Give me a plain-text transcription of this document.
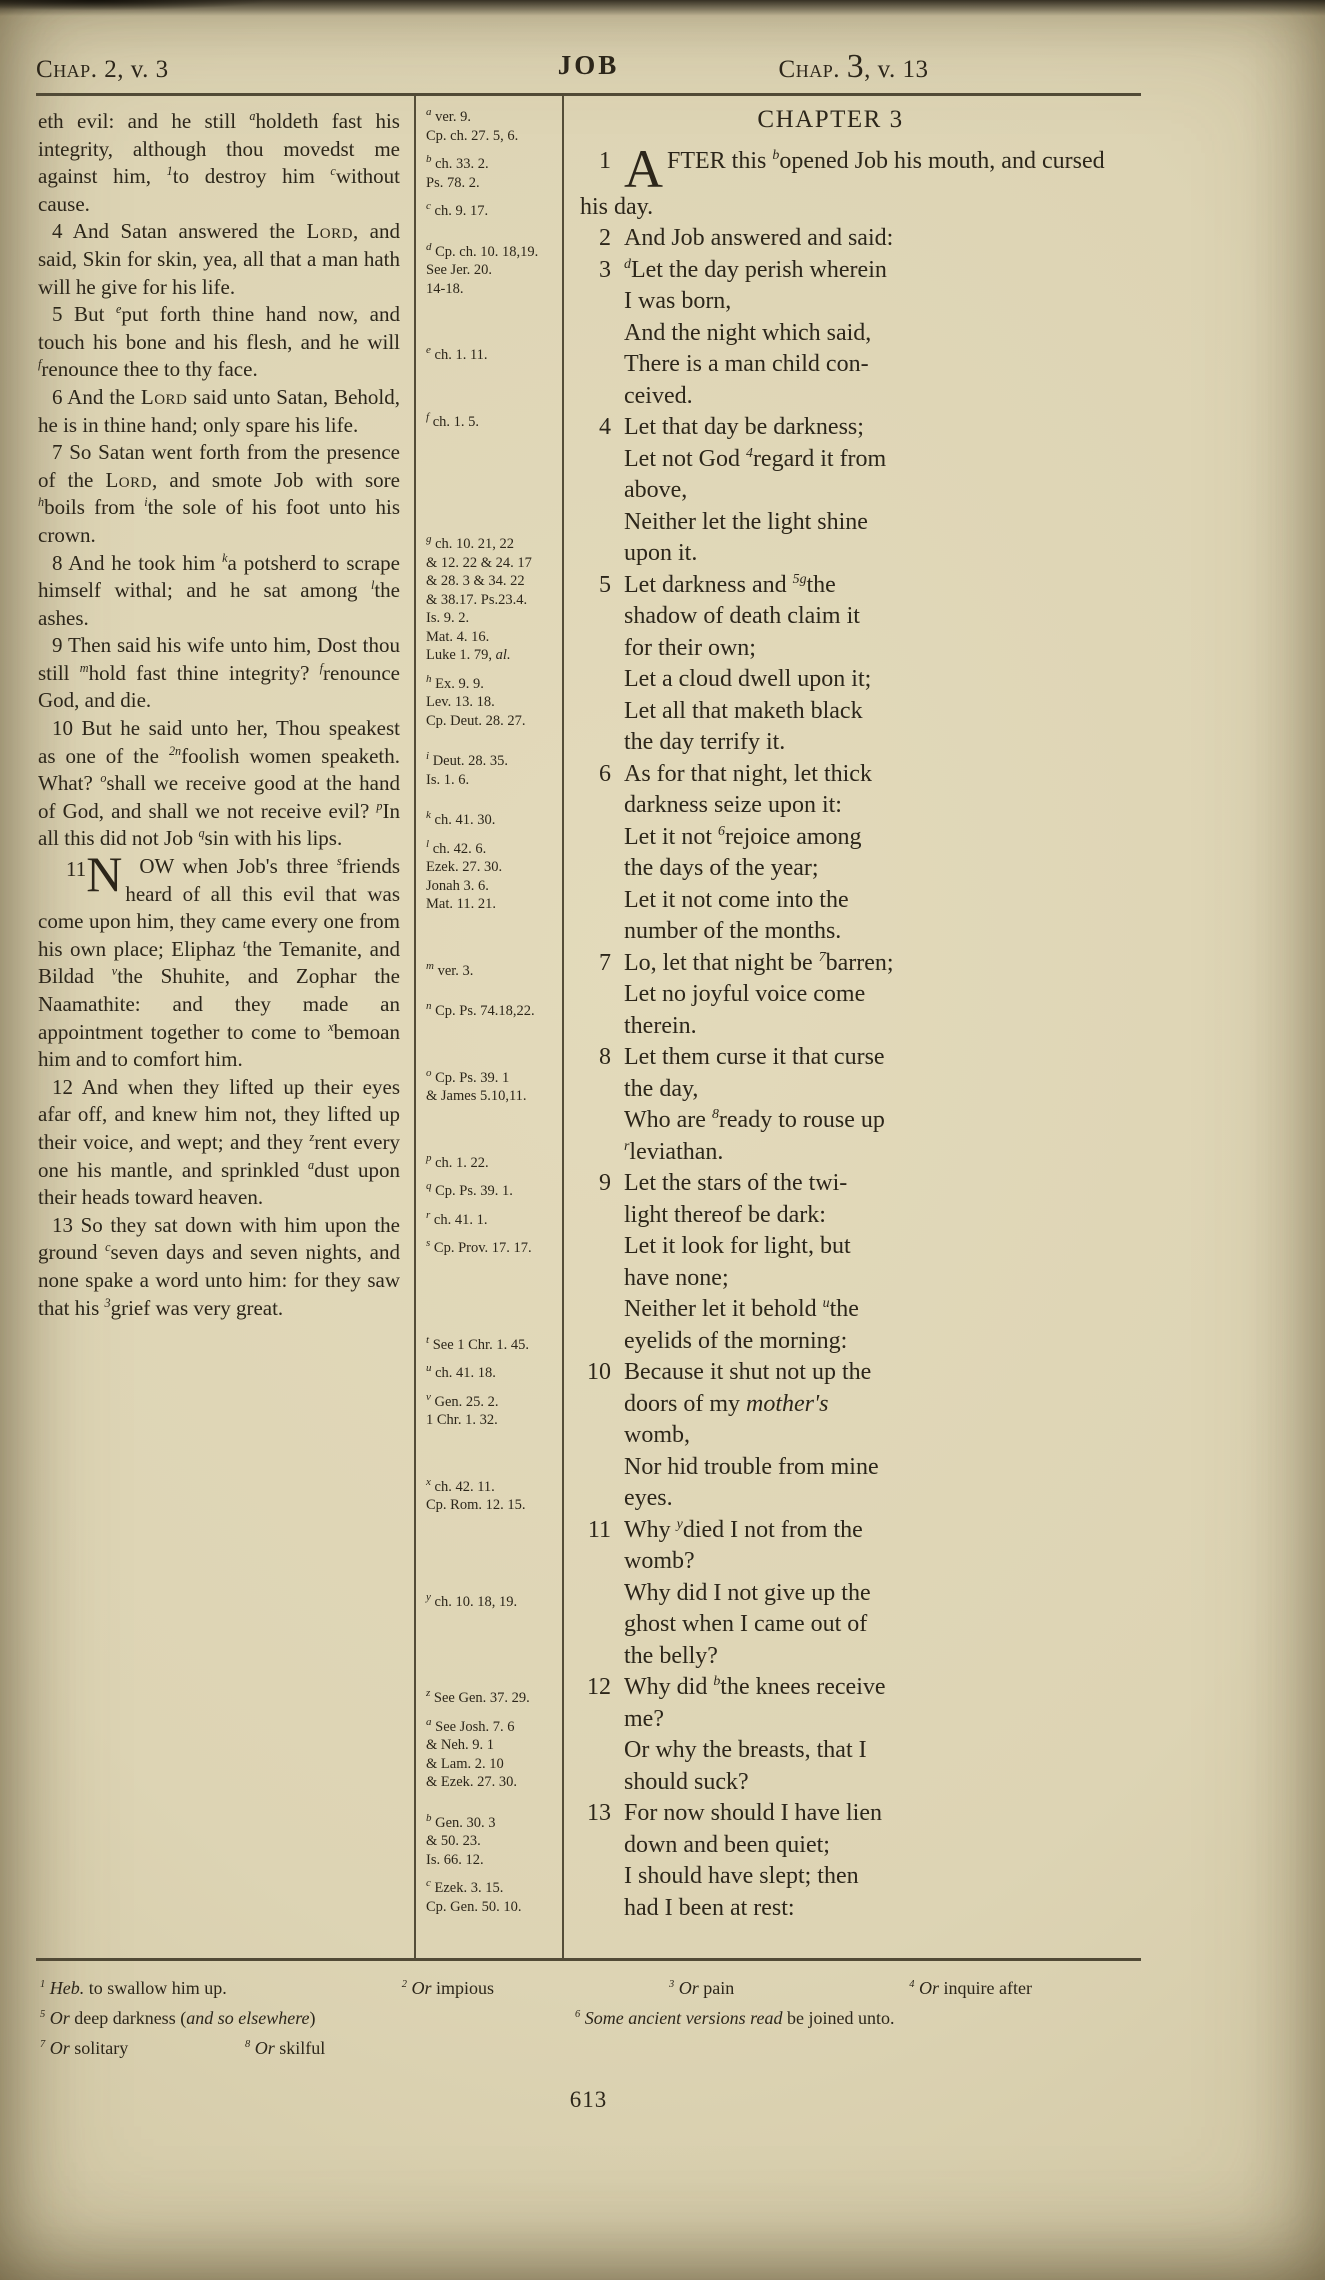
Chap. 2, v. 3	Chap. 3, v. 13
JOB

eth evil: and he still $^a$holdeth fast his integrity, although thou movedst me against him, $^1$to destroy him $^c$without cause.

4 And Satan answered the Lord, and said, Skin for skin, yea, all that a man hath will he give for his life.

5 But $^e$put forth thine hand now, and touch his bone and his flesh, and he will $^f$renounce thee to thy face.

6 And the Lord said unto Satan, Behold, he is in thine hand; only spare his life.

7 So Satan went forth from the presence of the Lord, and smote Job with sore $^h$boils from $^i$the sole of his foot unto his crown.

8 And he took him $^k$a potsherd to scrape himself withal; and he sat among $^l$the ashes.

9 Then said his wife unto him, Dost thou still $^m$hold fast thine integrity? $^f$renounce God, and die.

10 But he said unto her, Thou speakest as one of the $^{2n}$foolish women speaketh. What? $^o$shall we receive good at the hand of God, and shall we not receive evil? $^p$In all this did not Job $^q$sin with his lips.

11N OW when Job's three $^s$friends heard of all this evil that was come upon him, they came every one from his own place; Eliphaz $^t$the Temanite, and Bildad $^v$the Shuhite, and Zophar the Naamathite: and they made an appointment together to come to $^x$bemoan him and to comfort him.

12 And when they lifted up their eyes afar off, and knew him not, they lifted up their voice, and wept; and they $^z$rent every one his mantle, and sprinkled $^a$dust upon their heads toward heaven.

13 So they sat down with him upon the ground $^c$seven days and seven nights, and none spake a word unto him: for they saw that his $^3$grief was very great.

$^a$ ver. 9.
Cp. ch. 27. 5, 6.
$^b$ ch. 33. 2.
Ps. 78. 2.
$^c$ ch. 9. 17.
$^d$ Cp. ch. 10. 18,19.
See Jer. 20.
14-18.
$^e$ ch. 1. 11.
$^f$ ch. 1. 5.
$^g$ ch. 10. 21, 22
& 12. 22 & 24. 17
& 28. 3 & 34. 22
& 38.17. Ps.23.4.
Is. 9. 2.
Mat. 4. 16.
Luke 1. 79, al.
$^h$ Ex. 9. 9.
Lev. 13. 18.
Cp. Deut. 28. 27.
$^i$ Deut. 28. 35.
Is. 1. 6.
$^k$ ch. 41. 30.
$^l$ ch. 42. 6.
Ezek. 27. 30.
Jonah 3. 6.
Mat. 11. 21.
$^m$ ver. 3.
$^n$ Cp. Ps. 74.18,22.
$^o$ Cp. Ps. 39. 1
& James 5.10,11.
$^p$ ch. 1. 22.
$^q$ Cp. Ps. 39. 1.
$^r$ ch. 41. 1.
$^s$ Cp. Prov. 17. 17.
$^t$ See 1 Chr. 1. 45.
$^u$ ch. 41. 18.
$^v$ Gen. 25. 2.
1 Chr. 1. 32.
$^x$ ch. 42. 11.
Cp. Rom. 12. 15.
$^y$ ch. 10. 18, 19.
$^z$ See Gen. 37. 29.
$^a$ See Josh. 7. 6
& Neh. 9. 1
& Lam. 2. 10
& Ezek. 27. 30.
$^b$ Gen. 30. 3
& 50. 23.
Is. 66. 12.
$^c$ Ezek. 3. 15.
Cp. Gen. 50. 10.
CHAPTER 3
1 AFTER this $^b$opened Job his mouth, and cursed
his day.
2 And Job answered and said:
3 $^d$Let the day perish wherein
I was born,
And the night which said,
There is a man child con-
ceived.
4 Let that day be darkness;
Let not God $^4$regard it from
above,
Neither let the light shine
upon it.
5 Let darkness and $^{5g}$the
shadow of death claim it
for their own;
Let a cloud dwell upon it;
Let all that maketh black
the day terrify it.
6 As for that night, let thick
darkness seize upon it:
Let it not $^6$rejoice among
the days of the year;
Let it not come into the
number of the months.
7 Lo, let that night be $^7$barren;
Let no joyful voice come
therein.
8 Let them curse it that curse
the day,
Who are $^8$ready to rouse up
$^r$leviathan.
9 Let the stars of the twi-
light thereof be dark:
Let it look for light, but
have none;
Neither let it behold $^u$the
eyelids of the morning:
10 Because it shut not up the
doors of my mother's
womb,
Nor hid trouble from mine
eyes.
11 Why $^y$died I not from the
womb?
Why did I not give up the
ghost when I came out of
the belly?
12 Why did $^b$the knees receive
me?
Or why the breasts, that I
should suck?
13 For now should I have lien
down and been quiet;
I should have slept; then
had I been at rest:
$^1$ Heb. to swallow him up.	$^2$ Or impious	$^3$ Or pain	$^4$ Or inquire after
$^5$ Or deep darkness (and so elsewhere)	$^6$ Some ancient versions read be joined unto.
$^7$ Or solitary	$^8$ Or skilful
613
